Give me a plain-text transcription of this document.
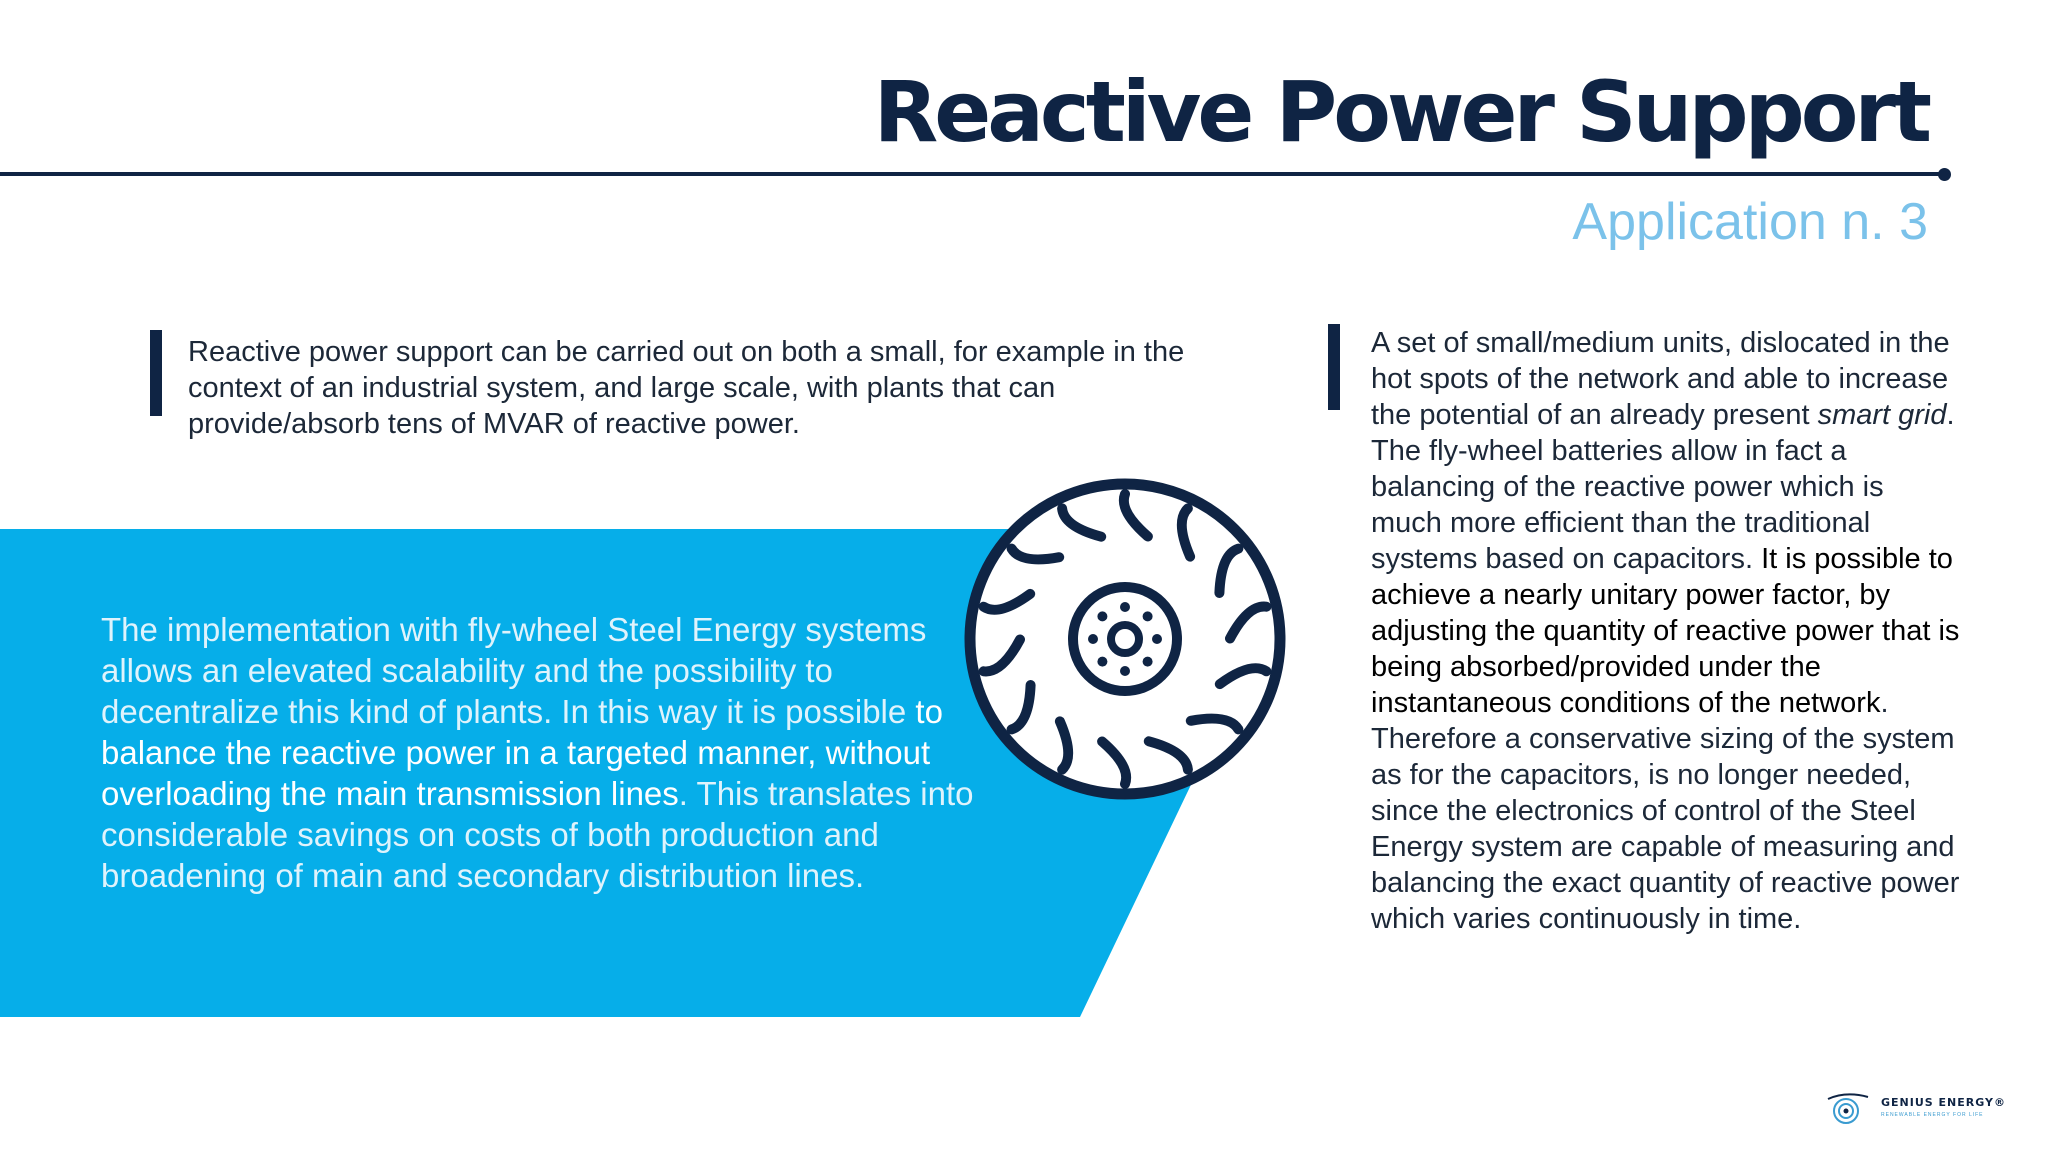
Reactive Power Support
Application n. 3

Reactive power support can be carried out on both a small, for example in the context of an industrial system, and large scale, with plants that can provide/absorb tens of MVAR of reactive power.

The implementation with fly-wheel Steel Energy systems allows an elevated scalability and the possibility to decentralize this kind of plants. In this way it is possible to balance the reactive power in a targeted manner, without overloading the main transmission lines. This translates into considerable savings on costs of both production and broadening of main and secondary distribution lines.

A set of small/medium units, dislocated in the hot spots of the network and able to increase the potential of an already present smart grid. The fly-wheel batteries allow in fact a balancing of the reactive power which is much more efficient than the traditional systems based on capacitors. It is possible to achieve a nearly unitary power factor, by adjusting the quantity of reactive power that is being absorbed/provided under the instantaneous conditions of the network. Therefore a conservative sizing of the system as for the capacitors, is no longer needed, since the electronics of control of the Steel Energy system are capable of measuring and balancing the exact quantity of reactive power which varies continuously in time.

GENIUS ENERGY®
RENEWABLE ENERGY FOR LIFE
